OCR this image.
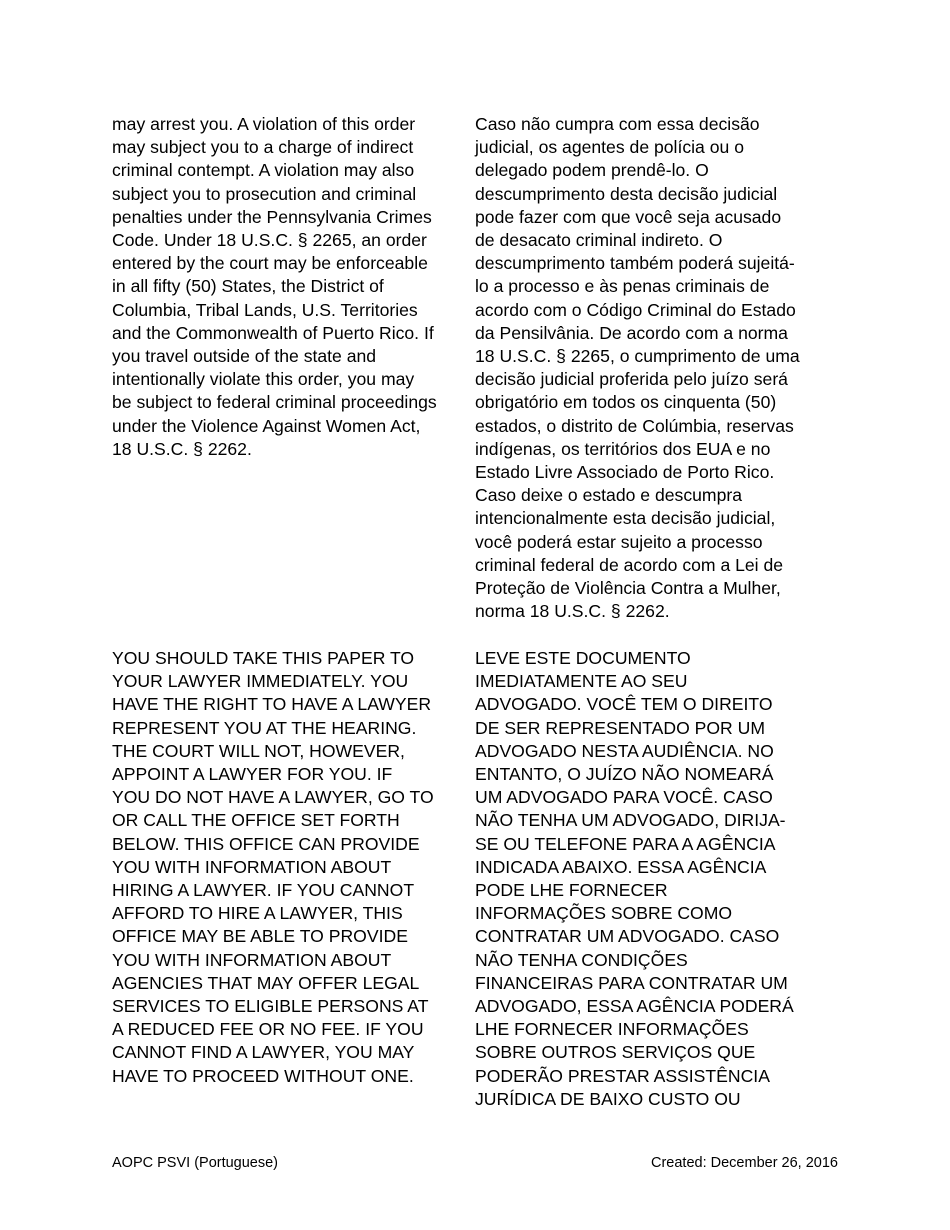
may arrest you. A violation of this order
may subject you to a charge of indirect
criminal contempt. A violation may also
subject you to prosecution and criminal
penalties under the Pennsylvania Crimes
Code. Under 18 U.S.C. § 2265, an order
entered by the court may be enforceable
in all fifty (50) States, the District of
Columbia, Tribal Lands, U.S. Territories
and the Commonwealth of Puerto Rico. If
you travel outside of the state and
intentionally violate this order, you may
be subject to federal criminal proceedings
under the Violence Against Women Act,
18 U.S.C. § 2262.

Caso não cumpra com essa decisão
judicial, os agentes de polícia ou o
delegado podem prendê-lo. O
descumprimento desta decisão judicial
pode fazer com que você seja acusado
de desacato criminal indireto. O
descumprimento também poderá sujeitá-
lo a processo e às penas criminais de
acordo com o Código Criminal do Estado
da Pensilvânia. De acordo com a norma
18 U.S.C. § 2265, o cumprimento de uma
decisão judicial proferida pelo juízo será
obrigatório em todos os cinquenta (50)
estados, o distrito de Colúmbia, reservas
indígenas, os territórios dos EUA e no
Estado Livre Associado de Porto Rico.
Caso deixe o estado e descumpra
intencionalmente esta decisão judicial,
você poderá estar sujeito a processo
criminal federal de acordo com a Lei de
Proteção de Violência Contra a Mulher,
norma 18 U.S.C. § 2262.

YOU SHOULD TAKE THIS PAPER TO
YOUR LAWYER IMMEDIATELY. YOU
HAVE THE RIGHT TO HAVE A LAWYER
REPRESENT YOU AT THE HEARING.
THE COURT WILL NOT, HOWEVER,
APPOINT A LAWYER FOR YOU. IF
YOU DO NOT HAVE A LAWYER, GO TO
OR CALL THE OFFICE SET FORTH
BELOW. THIS OFFICE CAN PROVIDE
YOU WITH INFORMATION ABOUT
HIRING A LAWYER. IF YOU CANNOT
AFFORD TO HIRE A LAWYER, THIS
OFFICE MAY BE ABLE TO PROVIDE
YOU WITH INFORMATION ABOUT
AGENCIES THAT MAY OFFER LEGAL
SERVICES TO ELIGIBLE PERSONS AT
A REDUCED FEE OR NO FEE. IF YOU
CANNOT FIND A LAWYER, YOU MAY
HAVE TO PROCEED WITHOUT ONE.

LEVE ESTE DOCUMENTO
IMEDIATAMENTE AO SEU
ADVOGADO. VOCÊ TEM O DIREITO
DE SER REPRESENTADO POR UM
ADVOGADO NESTA AUDIÊNCIA. NO
ENTANTO, O JUÍZO NÃO NOMEARÁ
UM ADVOGADO PARA VOCÊ. CASO
NÃO TENHA UM ADVOGADO, DIRIJA-
SE OU TELEFONE PARA A AGÊNCIA
INDICADA ABAIXO. ESSA AGÊNCIA
PODE LHE FORNECER
INFORMAÇÕES SOBRE COMO
CONTRATAR UM ADVOGADO. CASO
NÃO TENHA CONDIÇÕES
FINANCEIRAS PARA CONTRATAR UM
ADVOGADO, ESSA AGÊNCIA PODERÁ
LHE FORNECER INFORMAÇÕES
SOBRE OUTROS SERVIÇOS QUE
PODERÃO PRESTAR ASSISTÊNCIA
JURÍDICA DE BAIXO CUSTO OU

AOPC PSVI (Portuguese)	Created: December 26, 2016
